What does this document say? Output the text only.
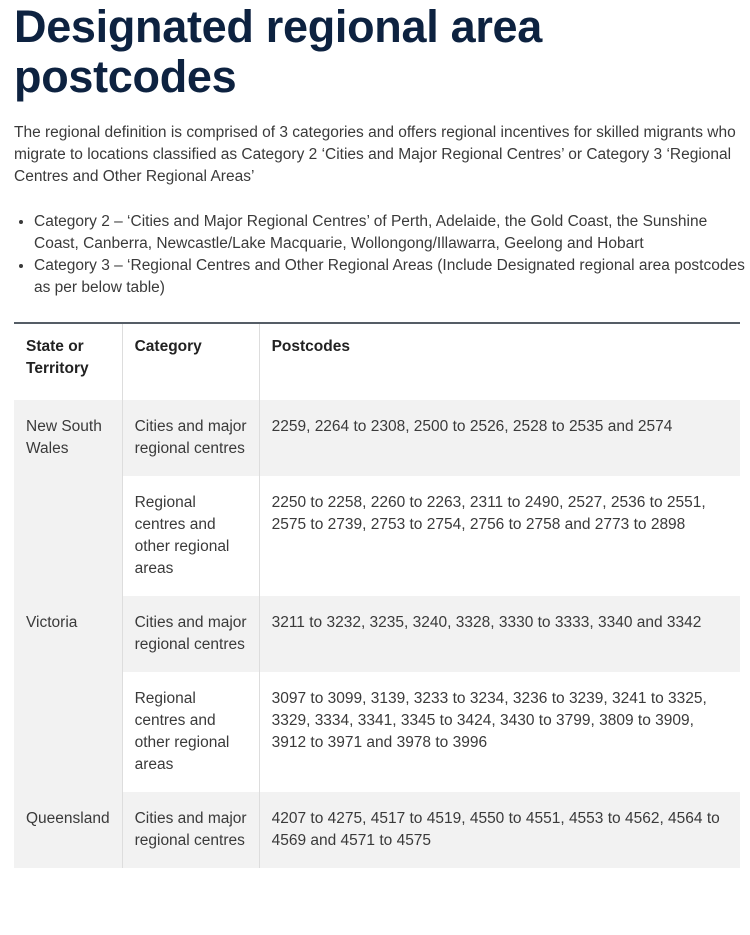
Designated regional area postcodes

The regional definition is comprised of 3 categories and offers regional incentives for skilled migrants who migrate to locations classified as Category 2 ‘Cities and Major Regional Centres’ or Category 3 ‘Regional Centres and Other Regional Areas’

• Category 2 – ‘Cities and Major Regional Centres’ of Perth, Adelaide, the Gold Coast, the Sunshine Coast, Canberra, Newcastle/Lake Macquarie, Wollongong/Illawarra, Geelong and Hobart
• Category 3 – ‘Regional Centres and Other Regional Areas (Include Designated regional area postcodes as per below table)
State or Territory	Category	Postcodes
New South Wales	Cities and major regional centres	2259, 2264 to 2308, 2500 to 2526, 2528 to 2535 and 2574
	Regional centres and other regional areas	2250 to 2258, 2260 to 2263, 2311 to 2490, 2527, 2536 to 2551, 2575 to 2739, 2753 to 2754, 2756 to 2758 and 2773 to 2898
Victoria	Cities and major regional centres	3211 to 3232, 3235, 3240, 3328, 3330 to 3333, 3340 and 3342
	Regional centres and other regional areas	3097 to 3099, 3139, 3233 to 3234, 3236 to 3239, 3241 to 3325, 3329, 3334, 3341, 3345 to 3424, 3430 to 3799, 3809 to 3909, 3912 to 3971 and 3978 to 3996
Queensland	Cities and major regional centres	4207 to 4275, 4517 to 4519, 4550 to 4551, 4553 to 4562, 4564 to 4569 and 4571 to 4575
